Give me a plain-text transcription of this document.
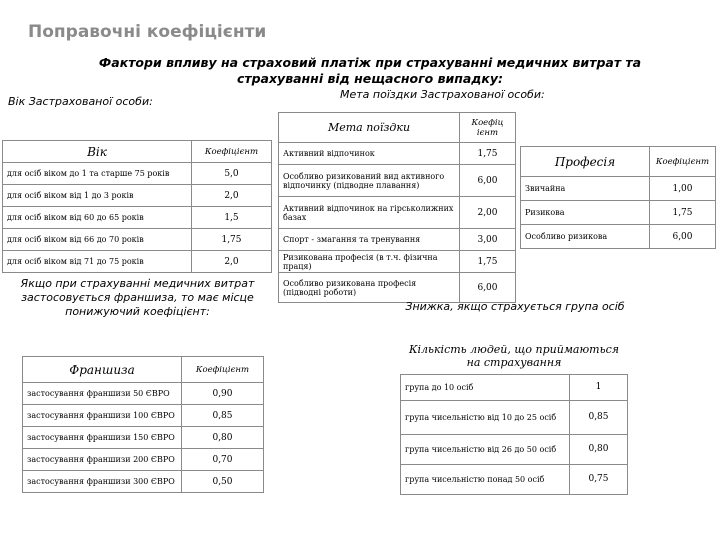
Поправочні коефіцієнти
Фактори впливу на страховий платіж при страхуванні медичних витрат та
страхуванні від нещасного випадку:
Вік Застрахованої особи:
Мета поїздки Застрахованої особи:
Вік	Коефіцієнт
для осіб віком до 1 та старше 75 років	5,0
для осіб віком від 1 до 3 років	2,0
для осіб віком від 60 до 65 років	1,5
для осіб віком від 66 до 70 років	1,75
для осіб віком від 71 до 75 років	2,0
Мета поїздки	Коефіц ієнт
Активний відпочинок	1,75
Особливо ризикований вид активного відпочинку (підводне плавання)	6,00
Активний відпочинок на гірськолижних базах	2,00
Спорт - змагання та тренування	3,00
Ризикована професія (в т.ч. фізична праця)	1,75
Особливо ризикована професія (підводні роботи)	6,00
Професія	Коефіцієнт
Звичайна	1,00
Ризикова	1,75
Особливо ризикова	6,00
Якщо при страхуванні медичних витрат застосовується франшиза, то має місце понижуючий коефіцієнт:
Франшиза	Коефіцієнт
застосування франшизи 50 ЄВРО	0,90
застосування франшизи 100 ЄВРО	0,85
застосування франшизи 150 ЄВРО	0,80
застосування франшизи 200 ЄВРО	0,70
застосування франшизи 300 ЄВРО	0,50
Знижка, якщо страхується група осіб
Кількість людей, що приймаються на страхування	
група до 10 осіб	1
група чисельністю від 10 до 25 осіб	0,85
група чисельністю від 26 до 50 осіб	0,80
група чисельністю понад 50 осіб	0,75
